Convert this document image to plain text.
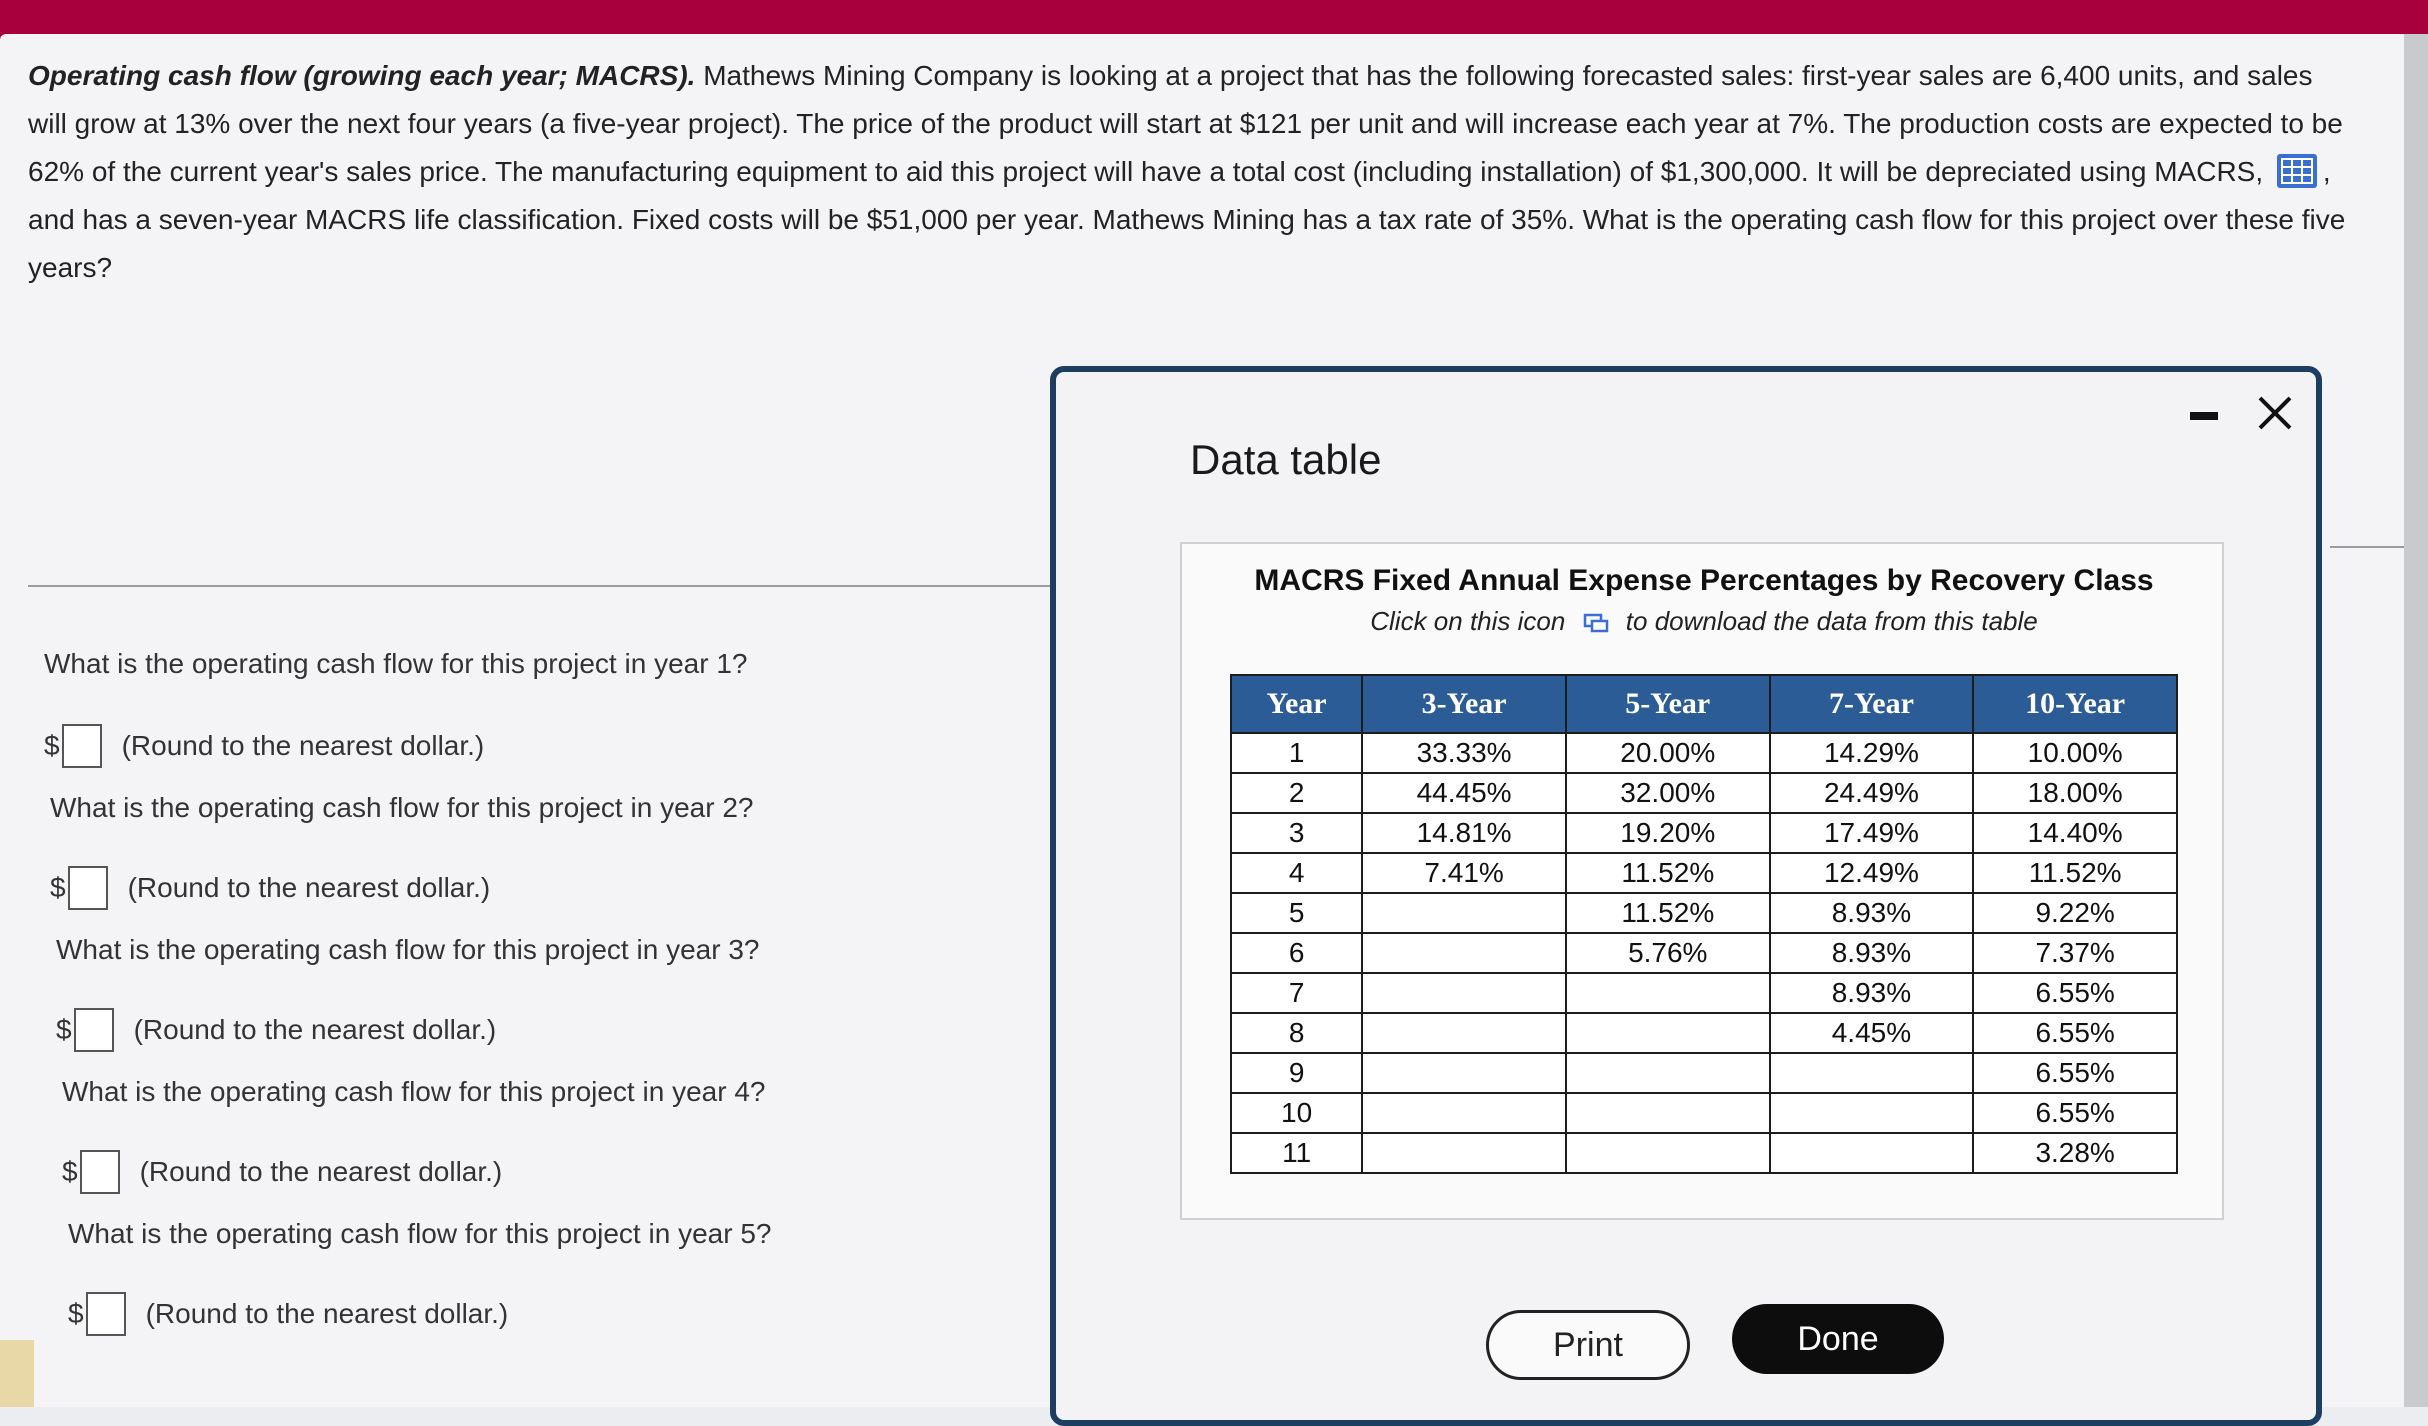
Operating cash flow (growing each year; MACRS). Mathews Mining Company is looking at a project that has the following forecasted sales: first-year sales are 6,400 units, and sales will grow at 13% over the next four years (a five-year project). The price of the product will start at $121 per unit and will increase each year at 7%. The production costs are expected to be 62% of the current year's sales price. The manufacturing equipment to aid this project will have a total cost (including installation) of $1,300,000. It will be depreciated using MACRS, , and has a seven-year MACRS life classification. Fixed costs will be $51,000 per year. Mathews Mining has a tax rate of 35%. What is the operating cash flow for this project over these five years?
What is the operating cash flow for this project in year 1?
$ (Round to the nearest dollar.)
What is the operating cash flow for this project in year 2?
$ (Round to the nearest dollar.)
What is the operating cash flow for this project in year 3?
$ (Round to the nearest dollar.)
What is the operating cash flow for this project in year 4?
$ (Round to the nearest dollar.)
What is the operating cash flow for this project in year 5?
$ (Round to the nearest dollar.)
Data table
MACRS Fixed Annual Expense Percentages by Recovery Class
Click on this icon to download the data from this table
Year	3-Year	5-Year	7-Year	10-Year
1	33.33%	20.00%	14.29%	10.00%
2	44.45%	32.00%	24.49%	18.00%
3	14.81%	19.20%	17.49%	14.40%
4	7.41%	11.52%	12.49%	11.52%
5		11.52%	8.93%	9.22%
6		5.76%	8.93%	7.37%
7			8.93%	6.55%
8			4.45%	6.55%
9				6.55%
10				6.55%
11				3.28%
Print	Done
